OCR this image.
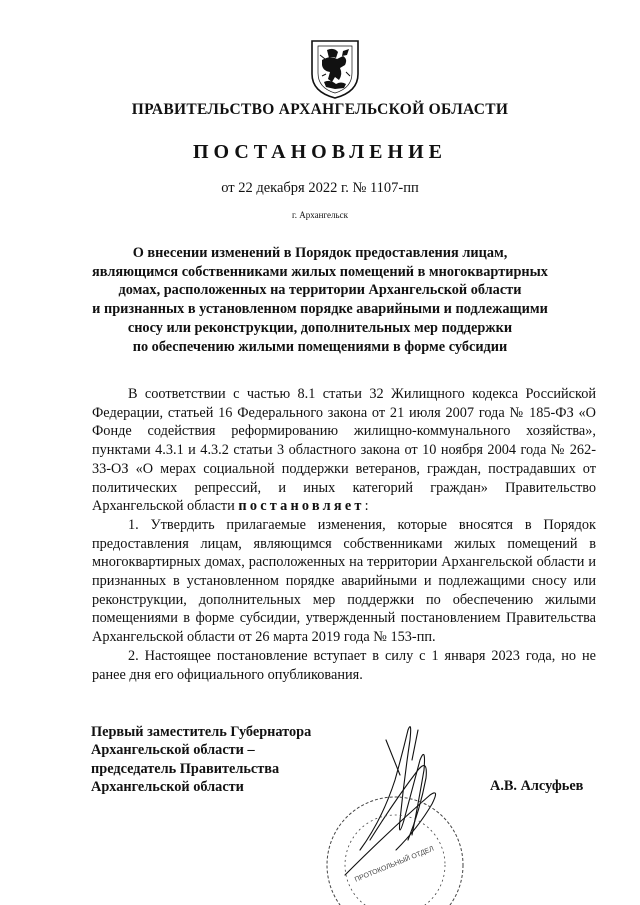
ПРАВИТЕЛЬСТВО АРХАНГЕЛЬСКОЙ ОБЛАСТИ
ПОСТАНОВЛЕНИЕ
от 22 декабря 2022 г. № 1107-пп
г. Архангельск
О внесении изменений в Порядок предоставления лицам,
являющимся собственниками жилых помещений в многоквартирных
домах, расположенных на территории Архангельской области
и признанных в установленном порядке аварийными и подлежащими
сносу или реконструкции, дополнительных мер поддержки
по обеспечению жилыми помещениями в форме субсидии

В соответствии с частью 8.1 статьи 32 Жилищного кодекса Российской Федерации, статьей 16 Федерального закона от 21 июля 2007 года № 185-ФЗ «О Фонде содействия реформированию жилищно-коммунального хозяйства», пунктами 4.3.1 и 4.3.2 статьи 3 областного закона от 10 ноября 2004 года № 262-33-ОЗ «О мерах социальной поддержки ветеранов, граждан, пострадавших от политических репрессий, и иных категорий граждан» Правительство Архангельской области постановляет:

1. Утвердить прилагаемые изменения, которые вносятся в Порядок предоставления лицам, являющимся собственниками жилых помещений в многоквартирных домах, расположенных на территории Архангельской области и признанных в установленном порядке аварийными и подлежащими сносу или реконструкции, дополнительных мер поддержки по обеспечению жилыми помещениями в форме субсидии, утвержденный постановлением Правительства Архангельской области от 26 марта 2019 года № 153-пп.

2. Настоящее постановление вступает в силу с 1 января 2023 года, но не ранее дня его официального опубликования.

Первый заместитель Губернатора
Архангельской области –
председатель Правительства
Архангельской области	А.В. Алсуфьев
ПРОТОКОЛЬНЫЙ ОТДЕЛ
